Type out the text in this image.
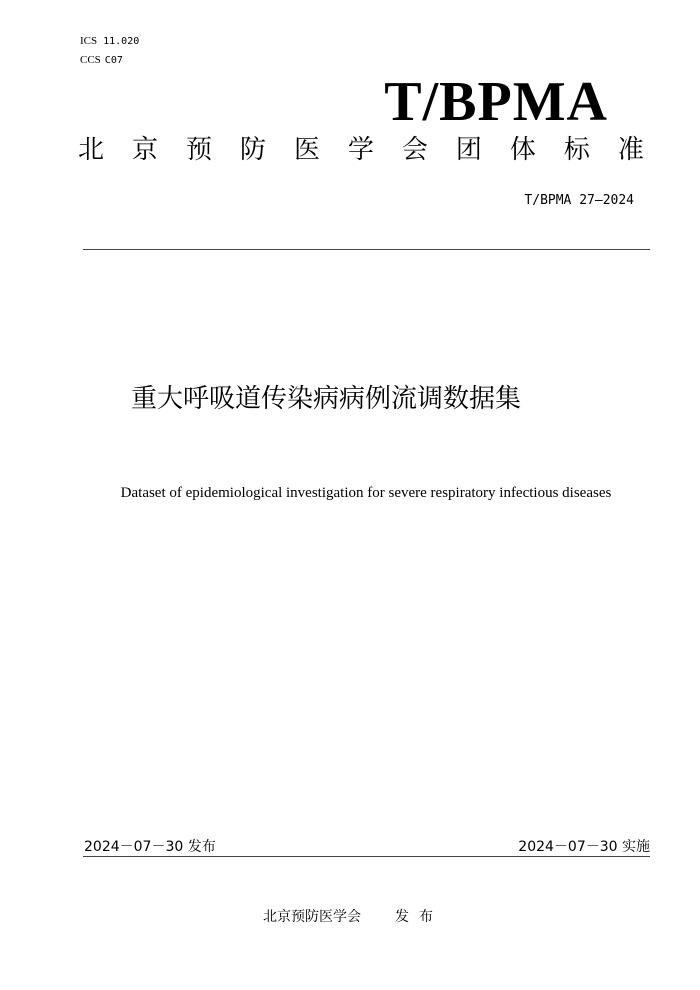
ICS 11.020
CCS C07
T/BPMA
北 京 预 防 医 学 会 团 体 标 准
T/BPMA 27—2024
重大呼吸道传染病病例流调数据集
Dataset of epidemiological investigation for severe respiratory infectious diseases
2024－07－30 发布	2024－07－30 实施
北京预防医学会 发布
